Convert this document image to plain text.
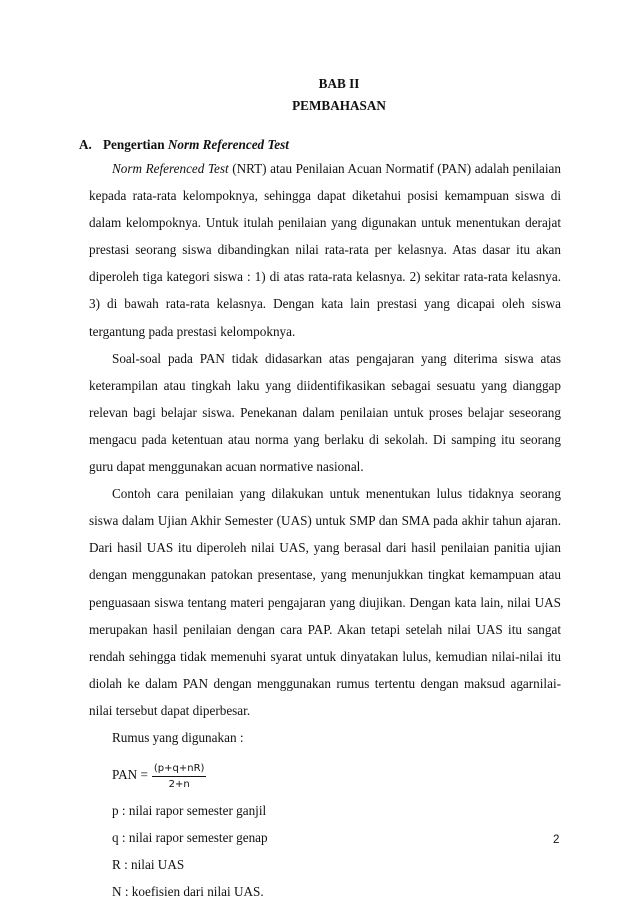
BAB II
PEMBAHASAN
A. Pengertian Norm Referenced Test

Norm Referenced Test (NRT) atau Penilaian Acuan Normatif (PAN) adalah penilaian kepada rata-rata kelompoknya, sehingga dapat diketahui posisi kemampuan siswa di dalam kelompoknya. Untuk itulah penilaian yang digunakan untuk menentukan derajat prestasi seorang siswa dibandingkan nilai rata-rata per kelasnya. Atas dasar itu akan diperoleh tiga kategori siswa : 1) di atas rata-rata kelasnya. 2) sekitar rata-rata kelasnya. 3) di bawah rata-rata kelasnya. Dengan kata lain prestasi yang dicapai oleh siswa tergantung pada prestasi kelompoknya.

Soal-soal pada PAN tidak didasarkan atas pengajaran yang diterima siswa atas keterampilan atau tingkah laku yang diidentifikasikan sebagai sesuatu yang dianggap relevan bagi belajar siswa. Penekanan dalam penilaian untuk proses belajar seseorang mengacu pada ketentuan atau norma yang berlaku di sekolah. Di samping itu seorang guru dapat menggunakan acuan normative nasional.

Contoh cara penilaian yang dilakukan untuk menentukan lulus tidaknya seorang siswa dalam Ujian Akhir Semester (UAS) untuk SMP dan SMA pada akhir tahun ajaran. Dari hasil UAS itu diperoleh nilai UAS, yang berasal dari hasil penilaian panitia ujian dengan menggunakan patokan presentase, yang menunjukkan tingkat kemampuan atau penguasaan siswa tentang materi pengajaran yang diujikan. Dengan kata lain, nilai UAS merupakan hasil penilaian dengan cara PAP. Akan tetapi setelah nilai UAS itu sangat rendah sehingga tidak memenuhi syarat untuk dinyatakan lulus, kemudian nilai-nilai itu diolah ke dalam PAN dengan menggunakan rumus tertentu dengan maksud agarnilai-nilai tersebut dapat diperbesar.

Rumus yang digunakan :

PAN = $\frac{(p+q+nR)}{2+n}$

p : nilai rapor semester ganjil

q : nilai rapor semester genap

R : nilai UAS

N : koefisien dari nilai UAS.

2
